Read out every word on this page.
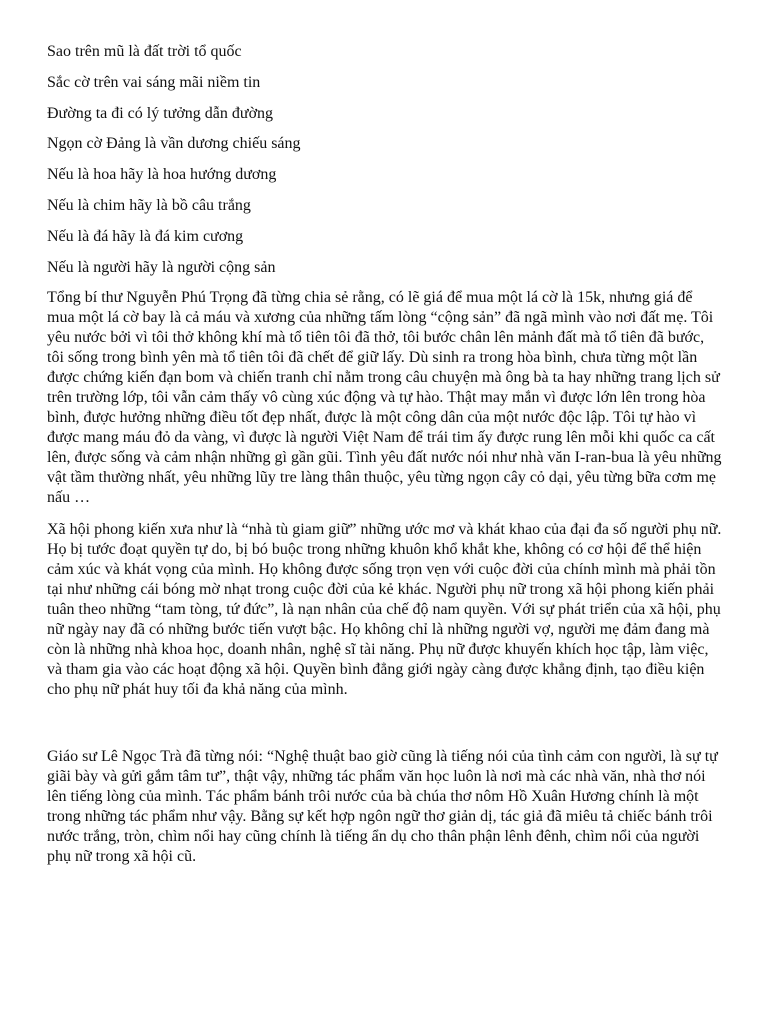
Sao trên mũ là đất trời tổ quốc

Sắc cờ trên vai sáng mãi niềm tin

Đường ta đi có lý tưởng dẫn đường

Ngọn cờ Đảng là vần dương chiếu sáng

Nếu là hoa hãy là hoa hướng dương

Nếu là chim hãy là bồ câu trắng

Nếu là đá hãy là đá kim cương

Nếu là người hãy là người cộng sản

Tổng bí thư Nguyễn Phú Trọng đã từng chia sẻ rằng, có lẽ giá để mua một lá cờ là 15k, nhưng giá để mua một lá cờ bay là cả máu và xương của những tấm lòng “cộng sản” đã ngã mình vào nơi đất mẹ. Tôi yêu nước bởi vì tôi thở không khí mà tổ tiên tôi đã thở, tôi bước chân lên mảnh đất mà tổ tiên đã bước, tôi sống trong bình yên mà tổ tiên tôi đã chết để giữ lấy. Dù sinh ra trong hòa bình, chưa từng một lần được chứng kiến đạn bom và chiến tranh chỉ nằm trong câu chuyện mà ông bà ta hay những trang lịch sử trên trường lớp, tôi vẫn cảm thấy vô cùng xúc động và tự hào. Thật may mắn vì được lớn lên trong hòa bình, được hưởng những điều tốt đẹp nhất, được là một công dân của một nước độc lập. Tôi tự hào vì được mang máu đỏ da vàng, vì được là người Việt Nam để trái tim ấy được rung lên mỗi khi quốc ca cất lên, được sống và cảm nhận những gì gần gũi. Tình yêu đất nước nói như nhà văn I-ran-bua là yêu những vật tầm thường nhất, yêu những lũy tre làng thân thuộc, yêu từng ngọn cây cỏ dại, yêu từng bữa cơm mẹ nấu …

Xã hội phong kiến xưa như là “nhà tù giam giữ” những ước mơ và khát khao của đại đa số người phụ nữ. Họ bị tước đoạt quyền tự do, bị bó buộc trong những khuôn khổ khắt khe, không có cơ hội để thể hiện cảm xúc và khát vọng của mình. Họ không được sống trọn vẹn với cuộc đời của chính mình mà phải tồn tại như những cái bóng mờ nhạt trong cuộc đời của kẻ khác. Người phụ nữ trong xã hội phong kiến phải tuân theo những “tam tòng, tứ đức”, là nạn nhân của chế độ nam quyền. Với sự phát triển của xã hội, phụ nữ ngày nay đã có những bước tiến vượt bậc. Họ không chỉ là những người vợ, người mẹ đảm đang mà còn là những nhà khoa học, doanh nhân, nghệ sĩ tài năng. Phụ nữ được khuyến khích học tập, làm việc, và tham gia vào các hoạt động xã hội. Quyền bình đẳng giới ngày càng được khẳng định, tạo điều kiện cho phụ nữ phát huy tối đa khả năng của mình.

Giáo sư Lê Ngọc Trà đã từng nói: “Nghệ thuật bao giờ cũng là tiếng nói của tình cảm con người, là sự tự giãi bày và gửi gắm tâm tư”, thật vậy, những tác phẩm văn học luôn là nơi mà các nhà văn, nhà thơ nói lên tiếng lòng của mình. Tác phẩm bánh trôi nước của bà chúa thơ nôm Hồ Xuân Hương chính là một trong những tác phẩm như vậy. Bằng sự kết hợp ngôn ngữ thơ giản dị, tác giả đã miêu tả chiếc bánh trôi nước trắng, tròn, chìm nổi hay cũng chính là tiếng ẩn dụ cho thân phận lênh đênh, chìm nổi của người phụ nữ trong xã hội cũ.
